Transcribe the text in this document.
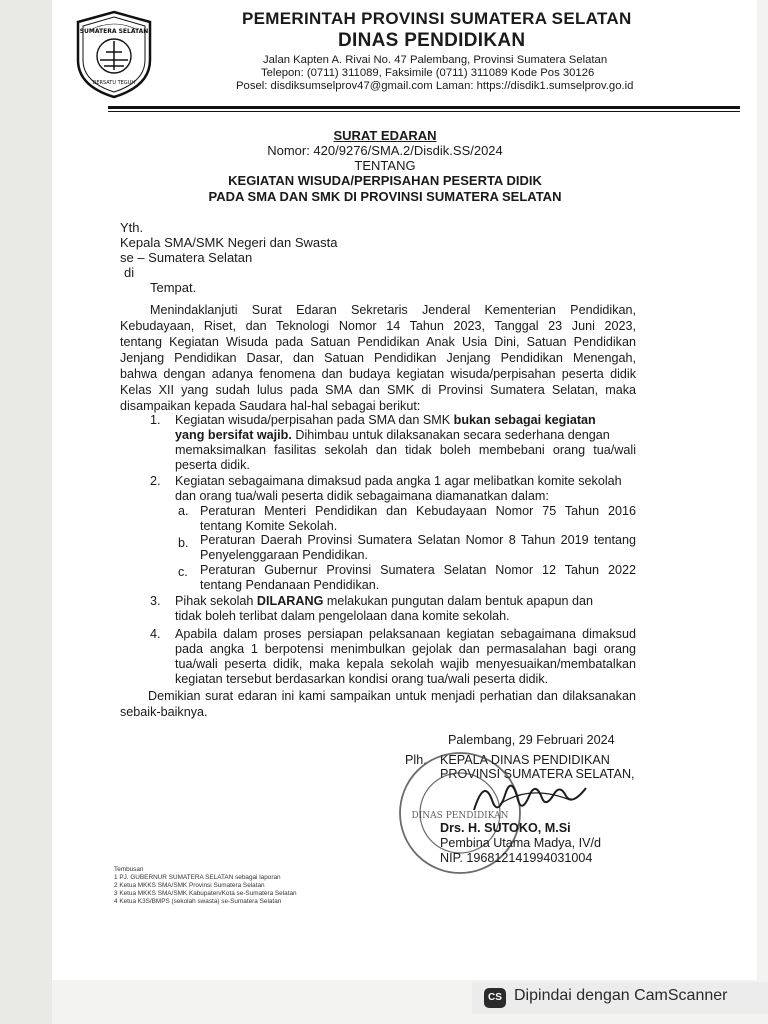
SUMATERA SELATAN
BERSATU TEGUH
PEMERINTAH PROVINSI SUMATERA SELATAN
DINAS PENDIDIKAN
Jalan Kapten A. Rivai No. 47 Palembang, Provinsi Sumatera Selatan
Telepon: (0711) 311089, Faksimile (0711) 311089 Kode Pos 30126
Posel: disdiksumselprov47@gmail.com Laman: https://disdik1.sumselprov.go.id
SURAT EDARAN
Nomor: 420/9276/SMA.2/Disdik.SS/2024
TENTANG
KEGIATAN WISUDA/PERPISAHAN PESERTA DIDIK
PADA SMA DAN SMK DI PROVINSI SUMATERA SELATAN
Yth.
Kepala SMA/SMK Negeri dan Swasta
se – Sumatera Selatan
di
Tempat.
Menindaklanjuti Surat Edaran Sekretaris Jenderal Kementerian Pendidikan,
Kebudayaan, Riset, dan Teknologi Nomor 14 Tahun 2023, Tanggal 23 Juni 2023,
tentang Kegiatan Wisuda pada Satuan Pendidikan Anak Usia Dini, Satuan Pendidikan
Jenjang Pendidikan Dasar, dan Satuan Pendidikan Jenjang Pendidikan Menengah,
bahwa dengan adanya fenomena dan budaya kegiatan wisuda/perpisahan peserta didik
Kelas XII yang sudah lulus pada SMA dan SMK di Provinsi Sumatera Selatan, maka
disampaikan kepada Saudara hal-hal sebagai berikut:
1. Kegiatan wisuda/perpisahan pada SMA dan SMK bukan sebagai kegiatan
yang bersifat wajib. Dihimbau untuk dilaksanakan secara sederhana dengan
memaksimalkan fasilitas sekolah dan tidak boleh membebani orang tua/wali
peserta didik.
2. Kegiatan sebagaimana dimaksud pada angka 1 agar melibatkan komite sekolah
dan orang tua/wali peserta didik sebagaimana diamanatkan dalam:
a. Peraturan Menteri Pendidikan dan Kebudayaan Nomor 75 Tahun 2016
tentang Komite Sekolah.
b. Peraturan Daerah Provinsi Sumatera Selatan Nomor 8 Tahun 2019 tentang
Penyelenggaraan Pendidikan.
c. Peraturan Gubernur Provinsi Sumatera Selatan Nomor 12 Tahun 2022
tentang Pendanaan Pendidikan.
3. Pihak sekolah DILARANG melakukan pungutan dalam bentuk apapun dan
tidak boleh terlibat dalam pengelolaan dana komite sekolah.
4. Apabila dalam proses persiapan pelaksanaan kegiatan sebagaimana dimaksud
pada angka 1 berpotensi menimbulkan gejolak dan permasalahan bagi orang
tua/wali peserta didik, maka kepala sekolah wajib menyesuaikan/membatalkan
kegiatan tersebut berdasarkan kondisi orang tua/wali peserta didik.
Demikian surat edaran ini kami sampaikan untuk menjadi perhatian dan dilaksanakan
sebaik-baiknya.
Palembang, 29 Februari 2024
Plh. KEPALA DINAS PENDIDIKAN
PROVINSI SUMATERA SELATAN,
DINAS PENDIDIKAN
Drs. H. SUTOKO, M.Si
Pembina Utama Madya, IV/d
NIP. 196812141994031004
Tembusan
1 PJ. GUBERNUR SUMATERA SELATAN sebagai laporan
2 Ketua MKKS SMA/SMK Provinsi Sumatera Selatan
3 Ketua MKKS SMA/SMK Kabupaten/Kota se-Sumatera Selatan
4 Ketua K3S/BMPS (sekolah swasta) se-Sumatera Selatan
CS Dipindai dengan CamScanner
